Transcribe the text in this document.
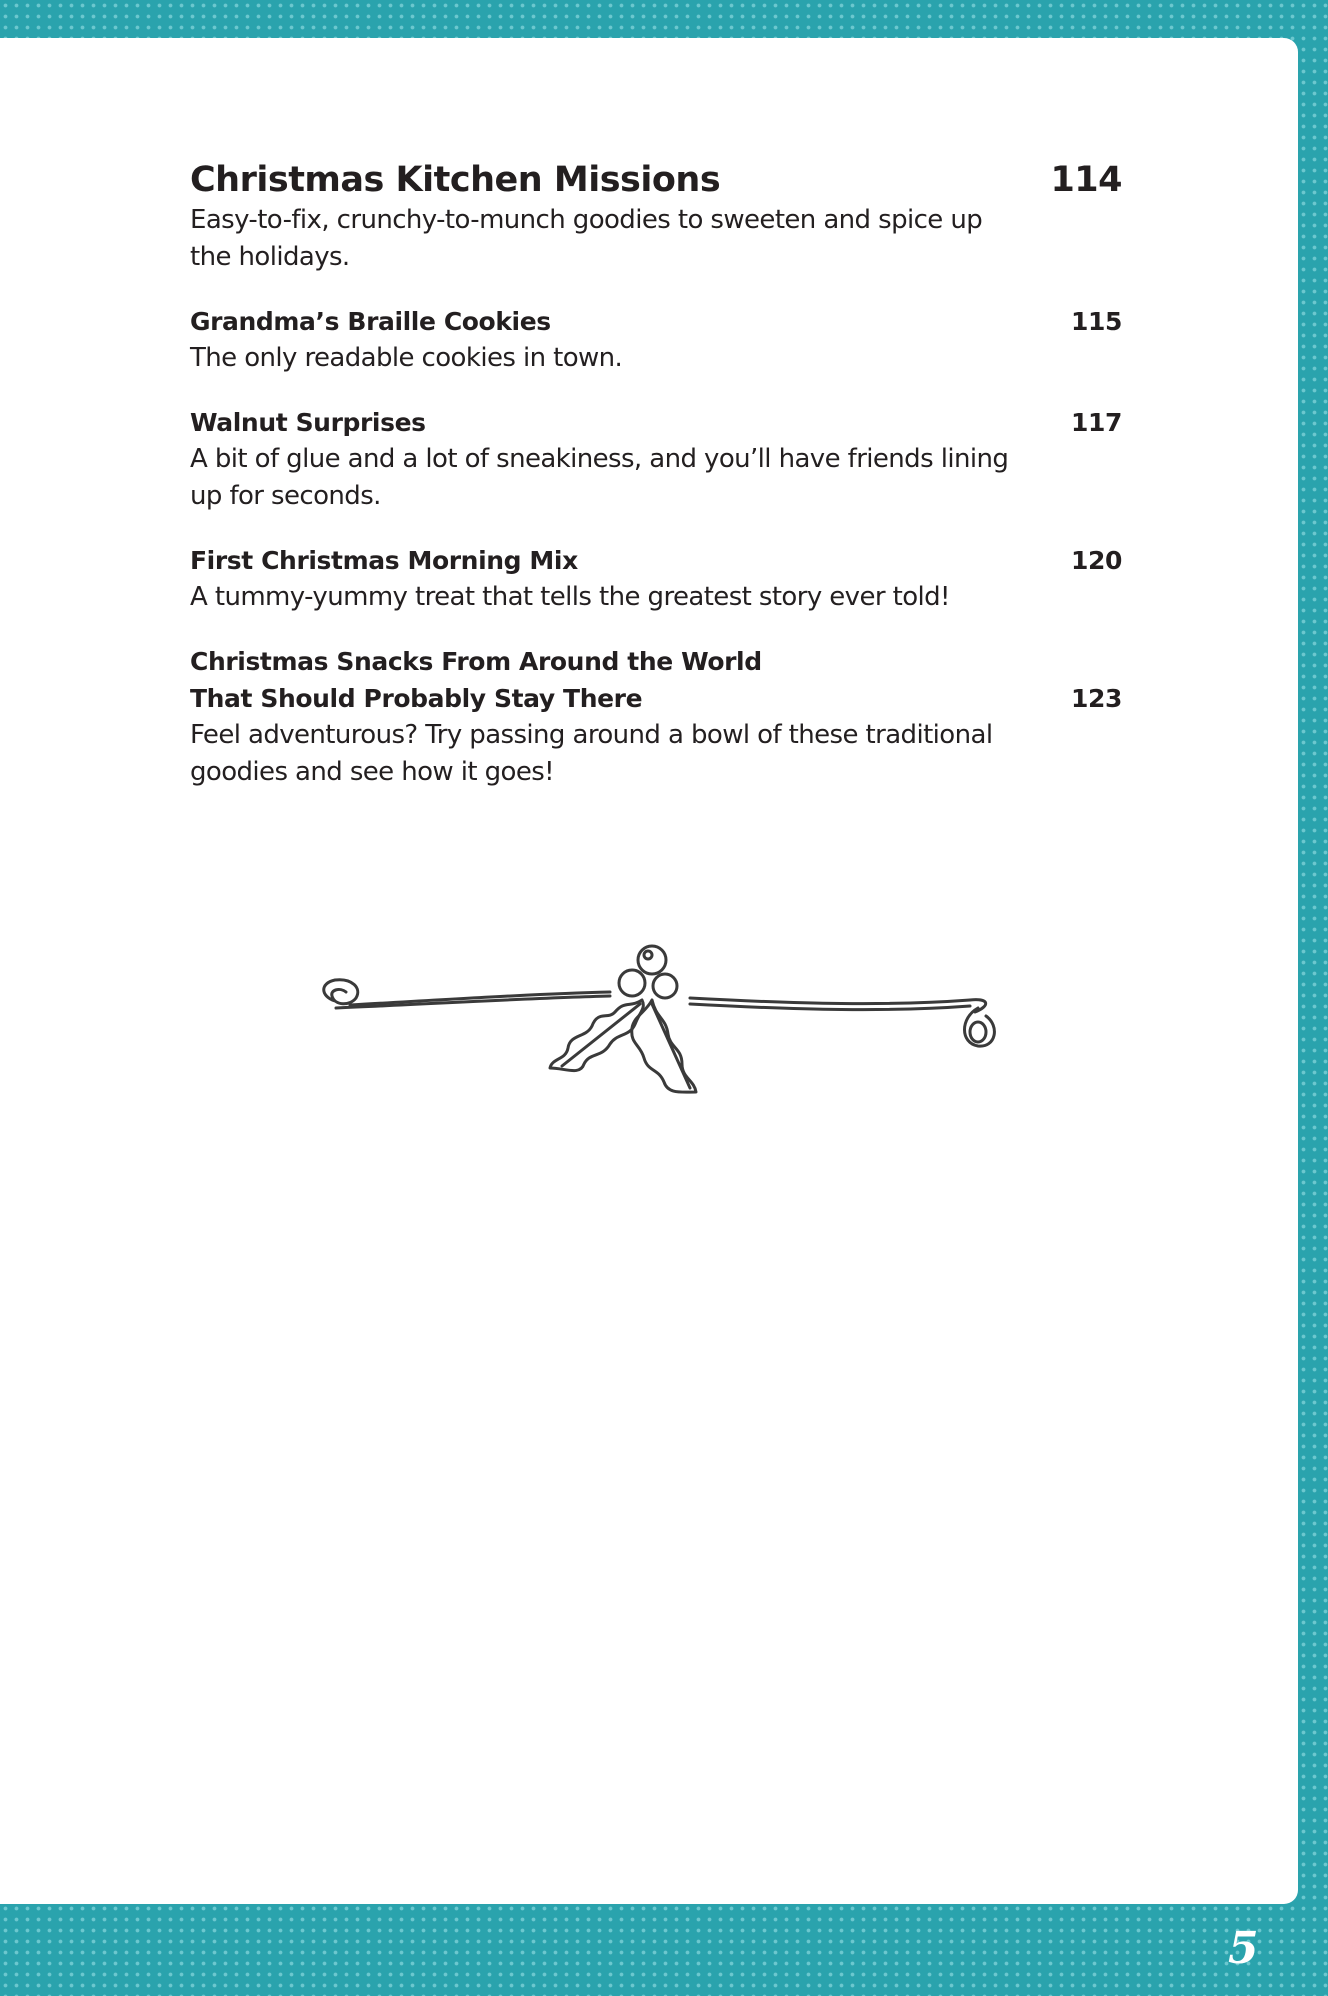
Christmas Kitchen Missions	114
Easy-to-fix, crunchy-to-munch goodies to sweeten and spice up the holidays.
Grandma’s Braille Cookies	115
The only readable cookies in town.
Walnut Surprises	117
A bit of glue and a lot of sneakiness, and you’ll have friends lining up for seconds.
First Christmas Morning Mix	120
A tummy-yummy treat that tells the greatest story ever told!
Christmas Snacks From Around the World
That Should Probably Stay There	123
Feel adventurous? Try passing around a bowl of these traditional goodies and see how it goes!
5
